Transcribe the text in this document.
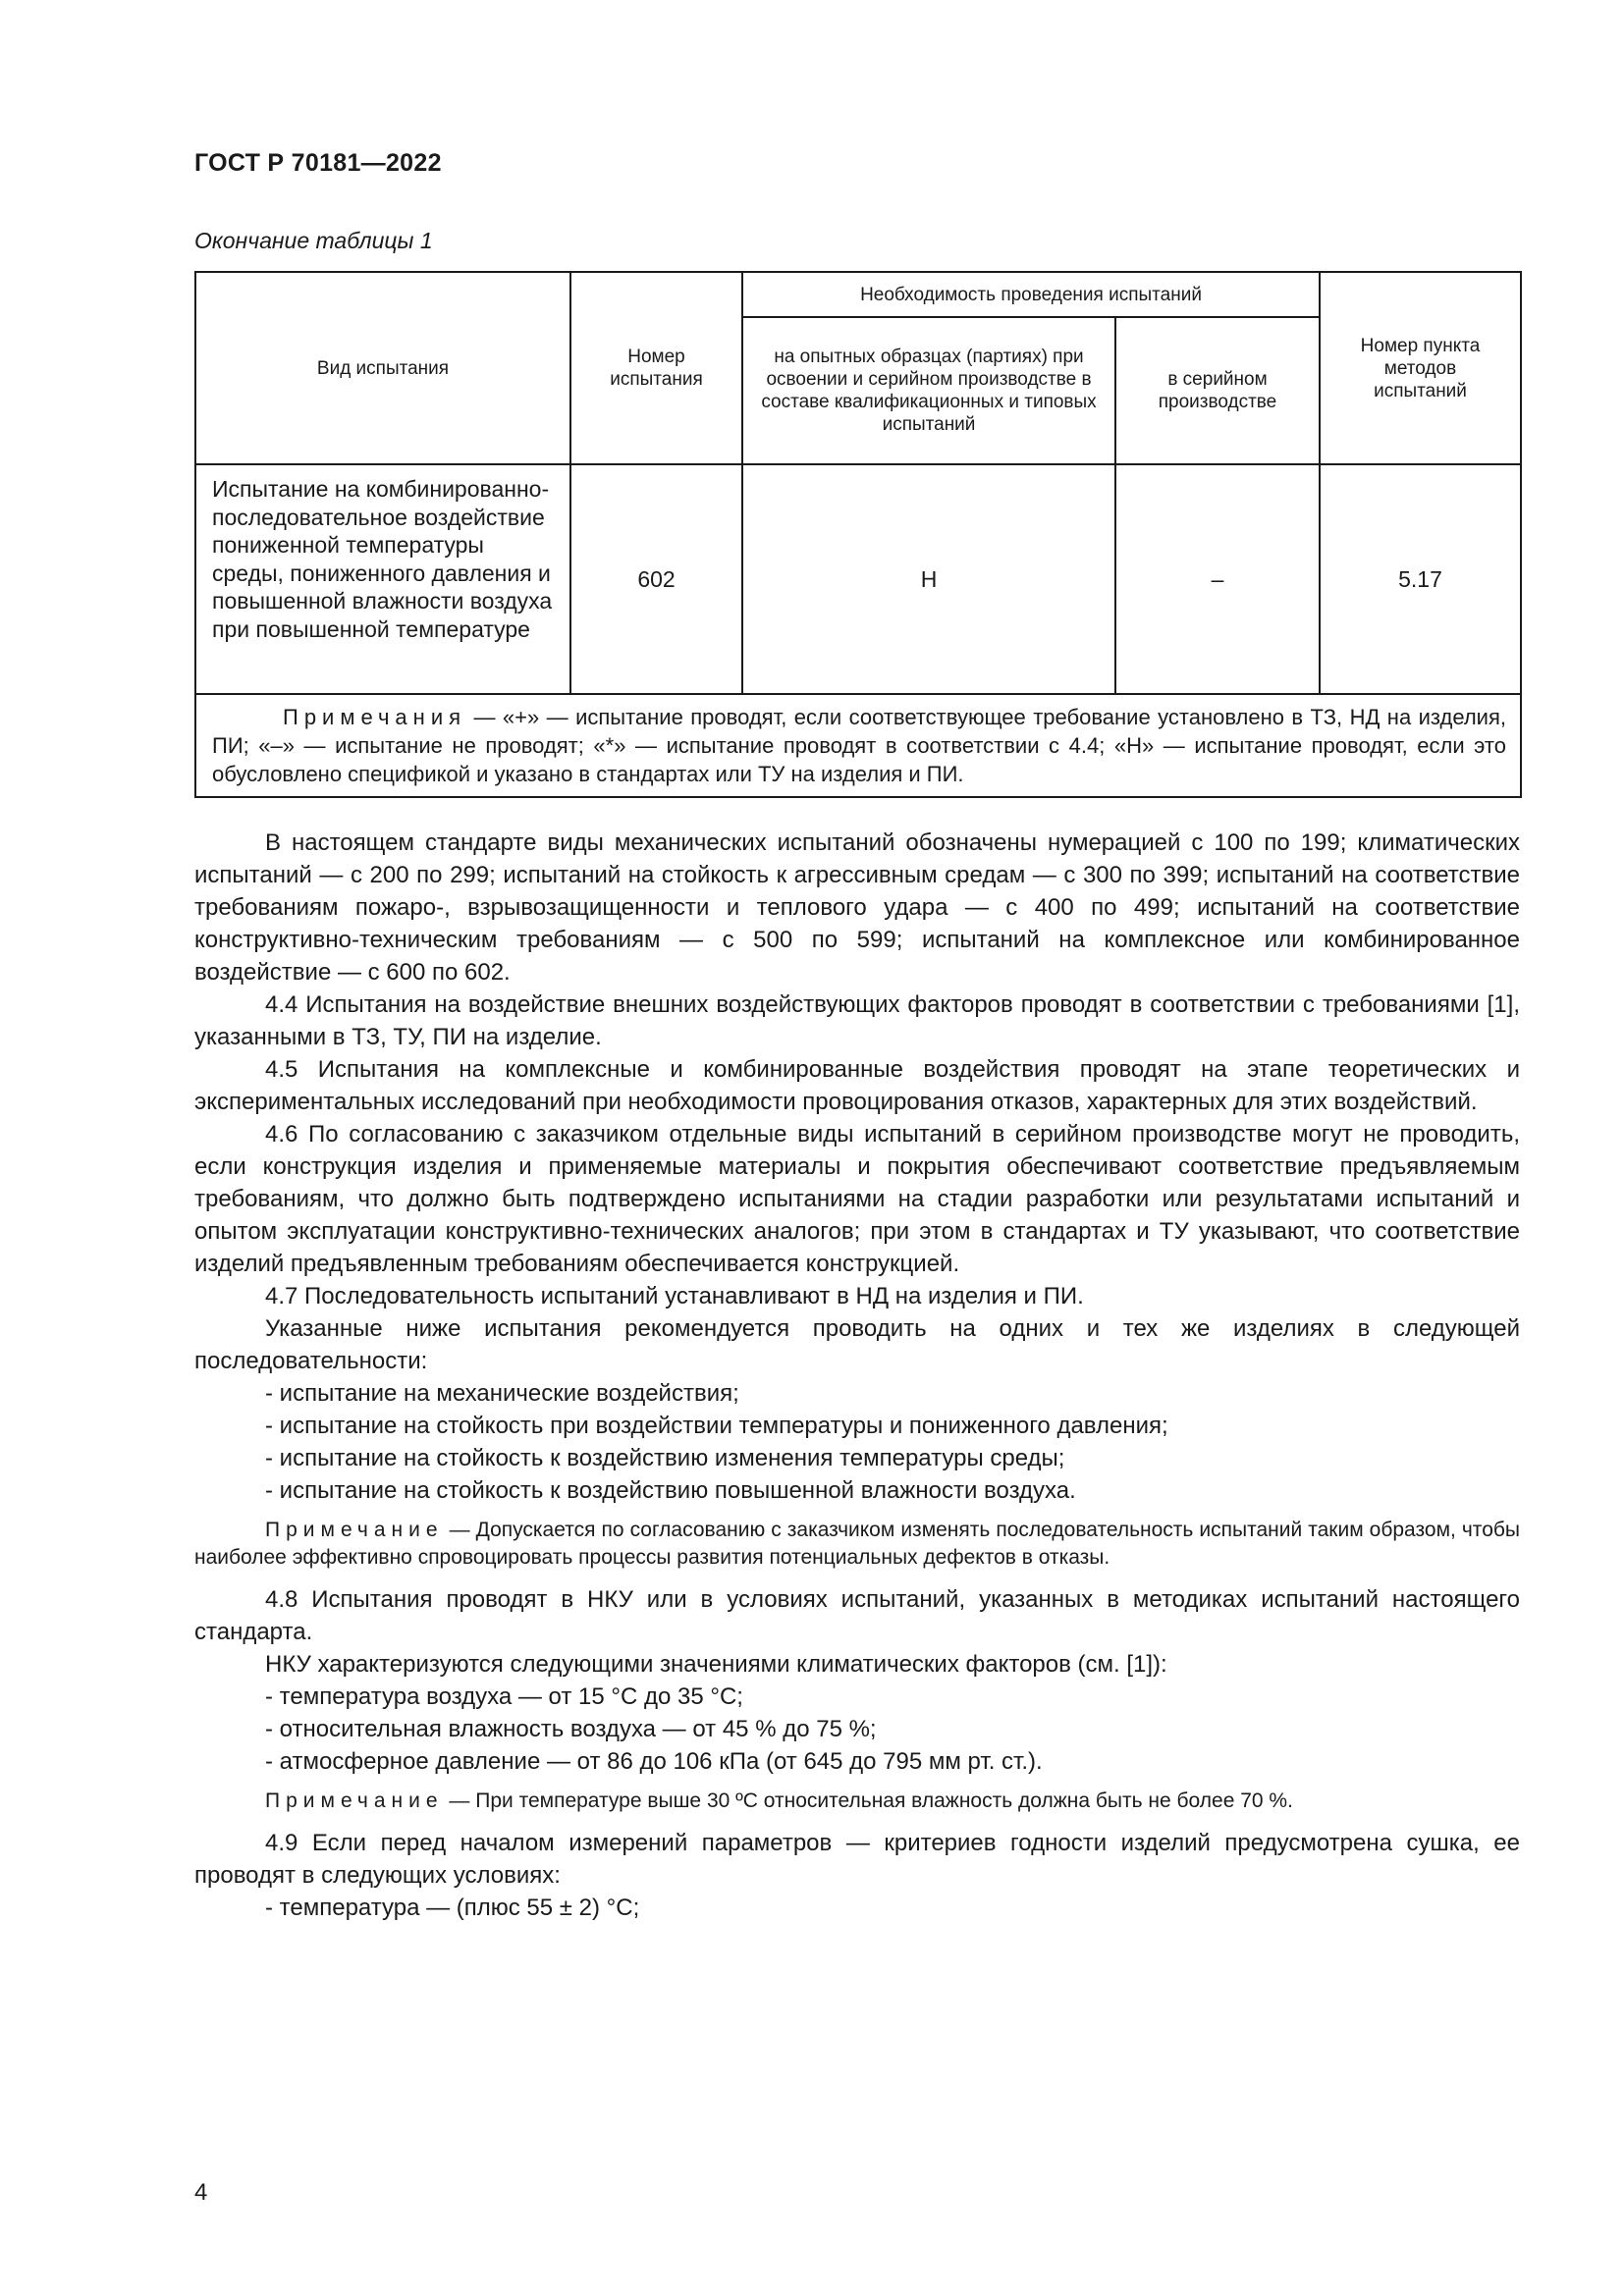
ГОСТ Р 70181—2022
Окончание таблицы 1
Вид испытания	Номер испытания	Необходимость проведения испытаний		Номер пункта методов испытаний

		на опытных образцах (партиях) при освоении и серийном производстве в составе квалификационных и типовых испытаний	в серийном производстве	

Испытание на комбинированно-последовательное воздействие пониженной температуры среды, пониженного давления и повышенной влажности воздуха при повышенной температуре	602	Н	–	5.17
Примечания — «+» — испытание проводят, если соответствующее требование установлено в ТЗ, НД на изделия, ПИ; «–» — испытание не проводят; «*» — испытание проводят в соответствии с 4.4; «Н» — испытание проводят, если это обусловлено спецификой и указано в стандартах или ТУ на изделия и ПИ.				

В настоящем стандарте виды механических испытаний обозначены нумерацией с 100 по 199; климатических испытаний — с 200 по 299; испытаний на стойкость к агрессивным средам — с 300 по 399; испытаний на соответствие требованиям пожаро-, взрывозащищенности и теплового удара — с 400 по 499; испытаний на соответствие конструктивно-техническим требованиям — с 500 по 599; испытаний на комплексное или комбинированное воздействие — с 600 по 602.

4.4 Испытания на воздействие внешних воздействующих факторов проводят в соответствии с требованиями [1], указанными в ТЗ, ТУ, ПИ на изделие.

4.5 Испытания на комплексные и комбинированные воздействия проводят на этапе теоретических и экспериментальных исследований при необходимости провоцирования отказов, характерных для этих воздействий.

4.6 По согласованию с заказчиком отдельные виды испытаний в серийном производстве могут не проводить, если конструкция изделия и применяемые материалы и покрытия обеспечивают соответствие предъявляемым требованиям, что должно быть подтверждено испытаниями на стадии разработки или результатами испытаний и опытом эксплуатации конструктивно-технических аналогов; при этом в стандартах и ТУ указывают, что соответствие изделий предъявленным требованиям обеспечивается конструкцией.

4.7 Последовательность испытаний устанавливают в НД на изделия и ПИ.

Указанные ниже испытания рекомендуется проводить на одних и тех же изделиях в следующей последовательности:

- испытание на механические воздействия;

- испытание на стойкость при воздействии температуры и пониженного давления;

- испытание на стойкость к воздействию изменения температуры среды;

- испытание на стойкость к воздействию повышенной влажности воздуха.

Примечание — Допускается по согласованию с заказчиком изменять последовательность испытаний таким образом, чтобы наиболее эффективно спровоцировать процессы развития потенциальных дефектов в отказы.

4.8 Испытания проводят в НКУ или в условиях испытаний, указанных в методиках испытаний настоящего стандарта.

НКУ характеризуются следующими значениями климатических факторов (см. [1]):

- температура воздуха — от 15 °С до 35 °С;

- относительная влажность воздуха — от 45 % до 75 %;

- атмосферное давление — от 86 до 106 кПа (от 645 до 795 мм рт. ст.).

Примечание — При температуре выше 30 ºС относительная влажность должна быть не более 70 %.

4.9 Если перед началом измерений параметров — критериев годности изделий предусмотрена сушка, ее проводят в следующих условиях:

- температура — (плюс 55 ± 2) °С;

4
